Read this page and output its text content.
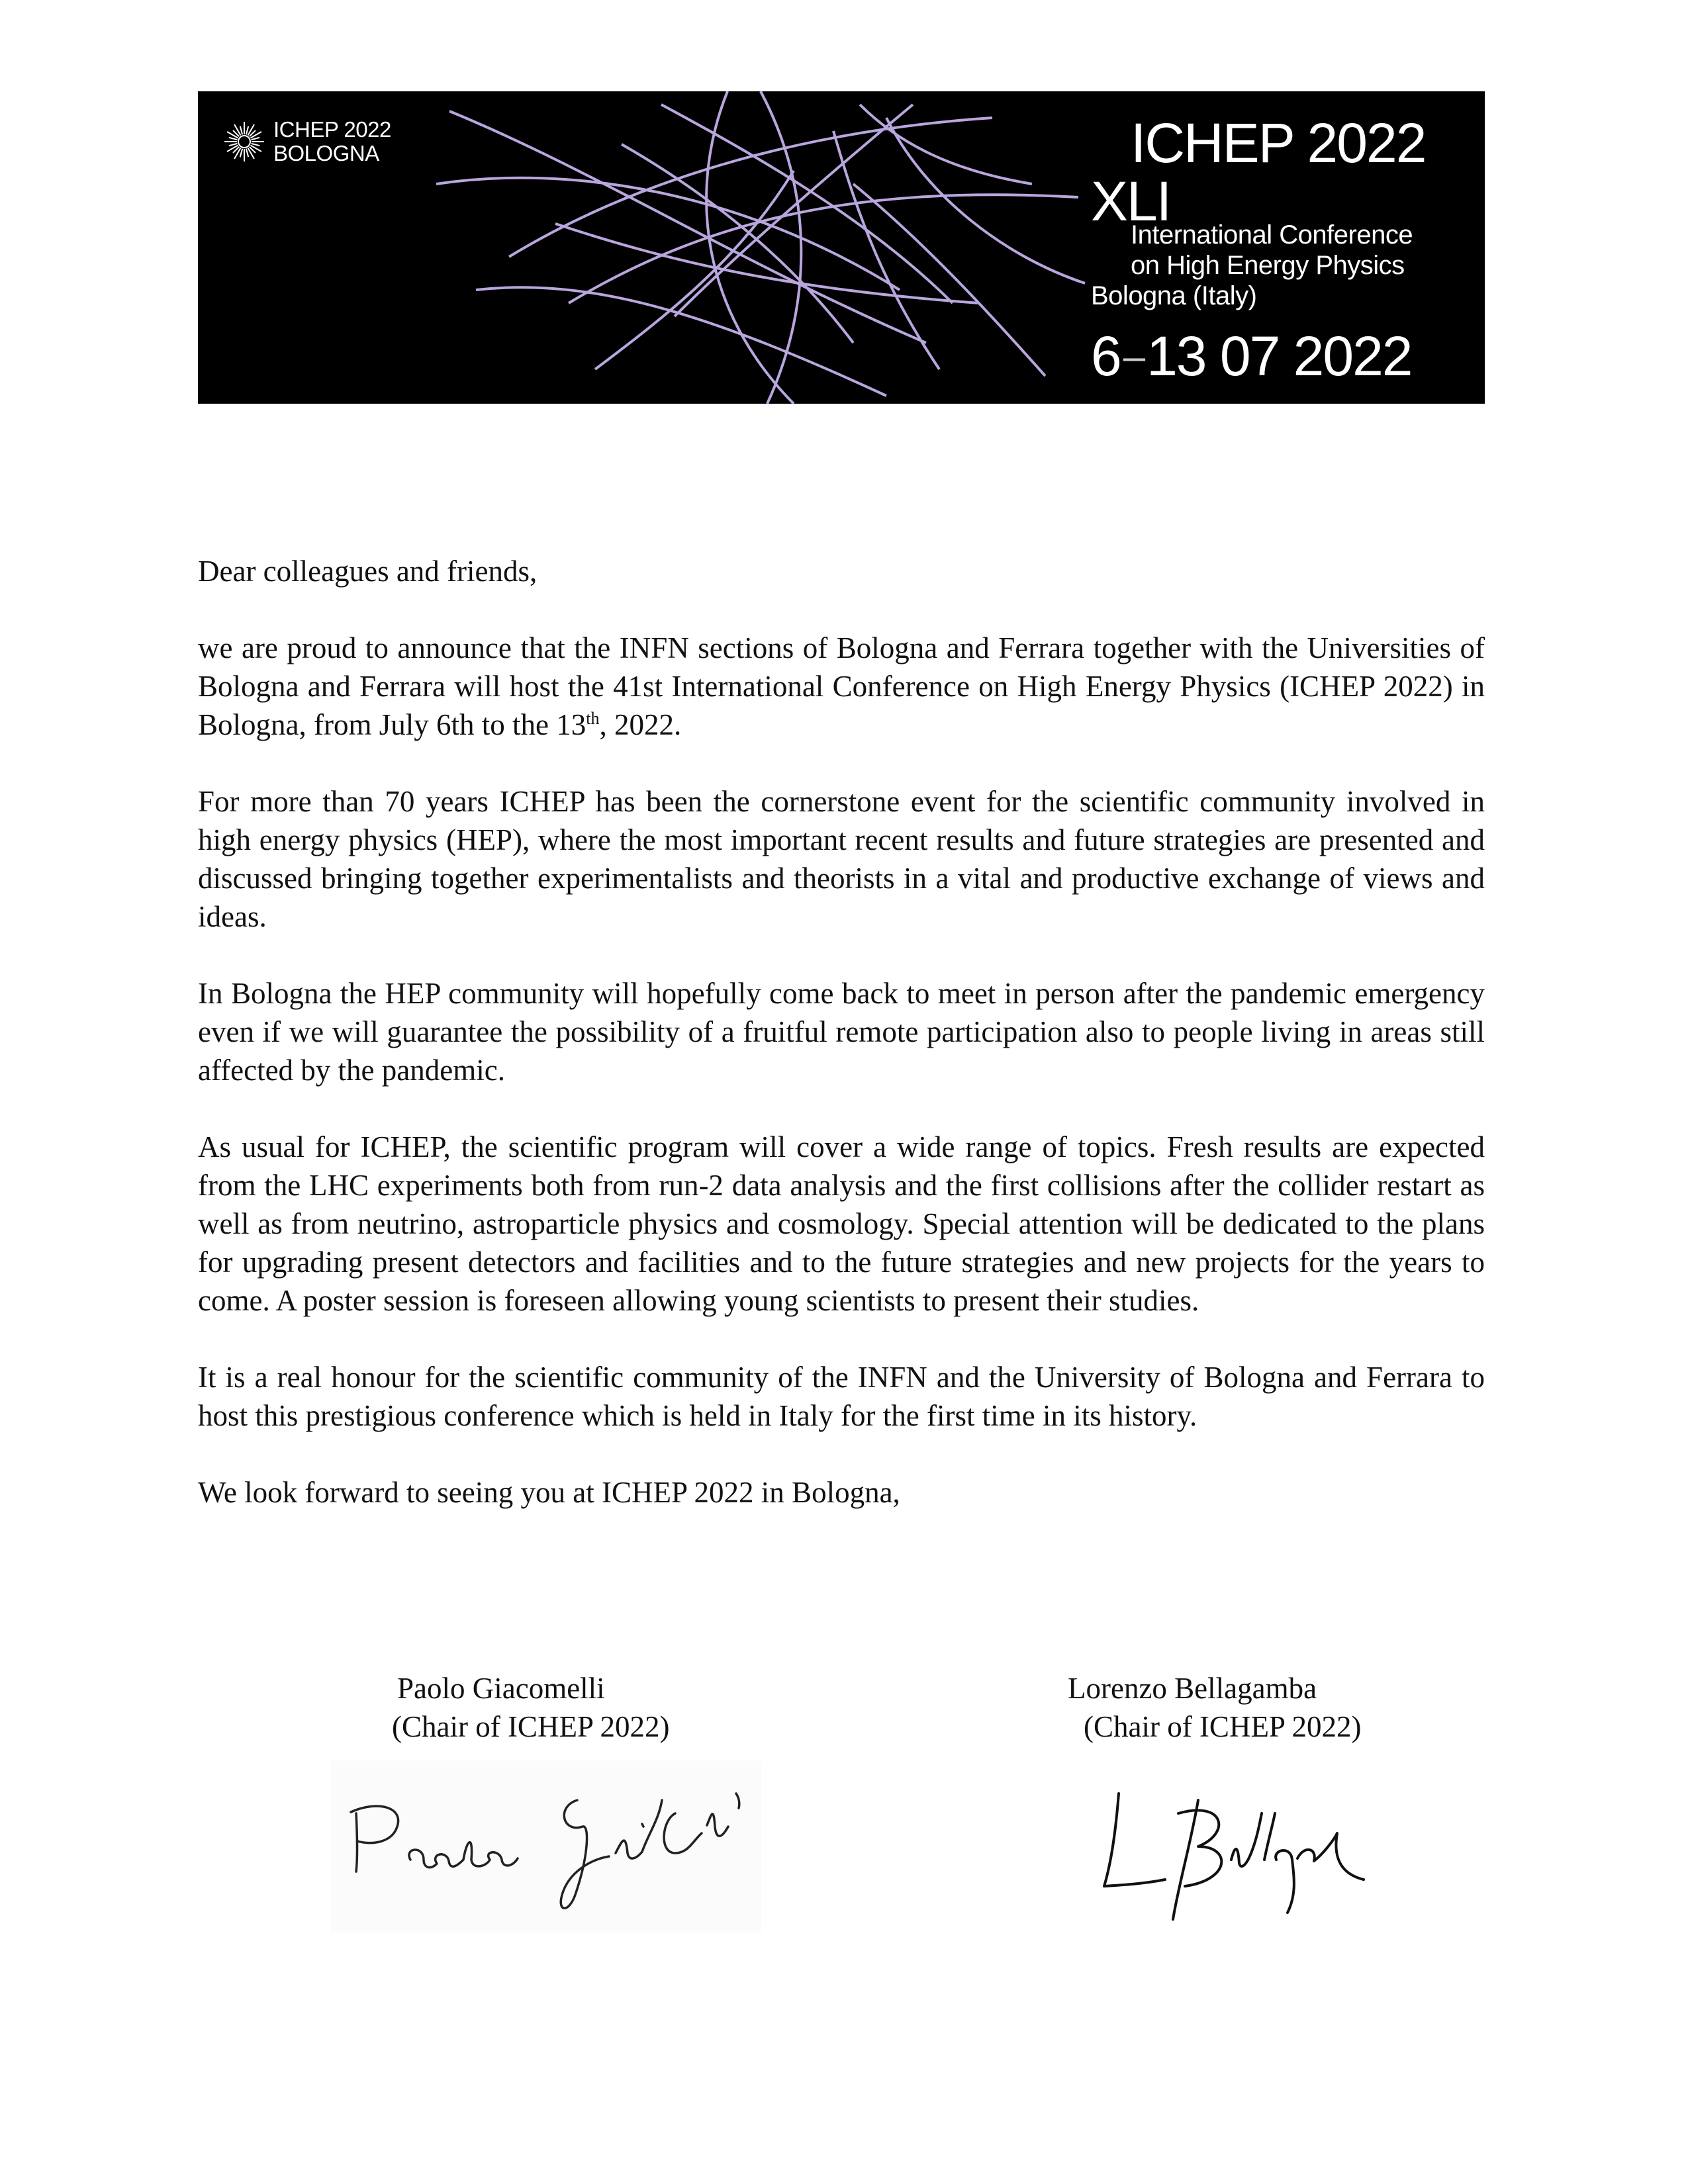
ICHEP 2022
BOLOGNA	ICHEP 2022
XLI
International Conference
on High Energy Physics
Bologna (Italy)
6–13 07 2022

Dear colleagues and friends,

we are proud to announce that the INFN sections of Bologna and Ferrara together with the Universities of Bologna and Ferrara will host the 41st International Conference on High Energy Physics (ICHEP 2022) in Bologna, from July 6th to the 13th, 2022.

For more than 70 years ICHEP has been the cornerstone event for the scientific community involved in high energy physics (HEP), where the most important recent results and future strategies are presented and discussed bringing together experimentalists and theorists in a vital and productive exchange of views and ideas.

In Bologna the HEP community will hopefully come back to meet in person after the pandemic emergency even if we will guarantee the possibility of a fruitful remote participation also to people living in areas still affected by the pandemic.

As usual for ICHEP, the scientific program will cover a wide range of topics. Fresh results are expected from the LHC experiments both from run-2 data analysis and the first collisions after the collider restart as well as from neutrino, astroparticle physics and cosmology. Special attention will be dedicated to the plans for upgrading present detectors and facilities and to the future strategies and new projects for the years to come. A poster session is foreseen allowing young scientists to present their studies.

It is a real honour for the scientific community of the INFN and the University of Bologna and Ferrara to host this prestigious conference which is held in Italy for the first time in its history.

We look forward to seeing you at ICHEP 2022 in Bologna,

Paolo Giacomelli
(Chair of ICHEP 2022)
Lorenzo Bellagamba
(Chair of ICHEP 2022)
